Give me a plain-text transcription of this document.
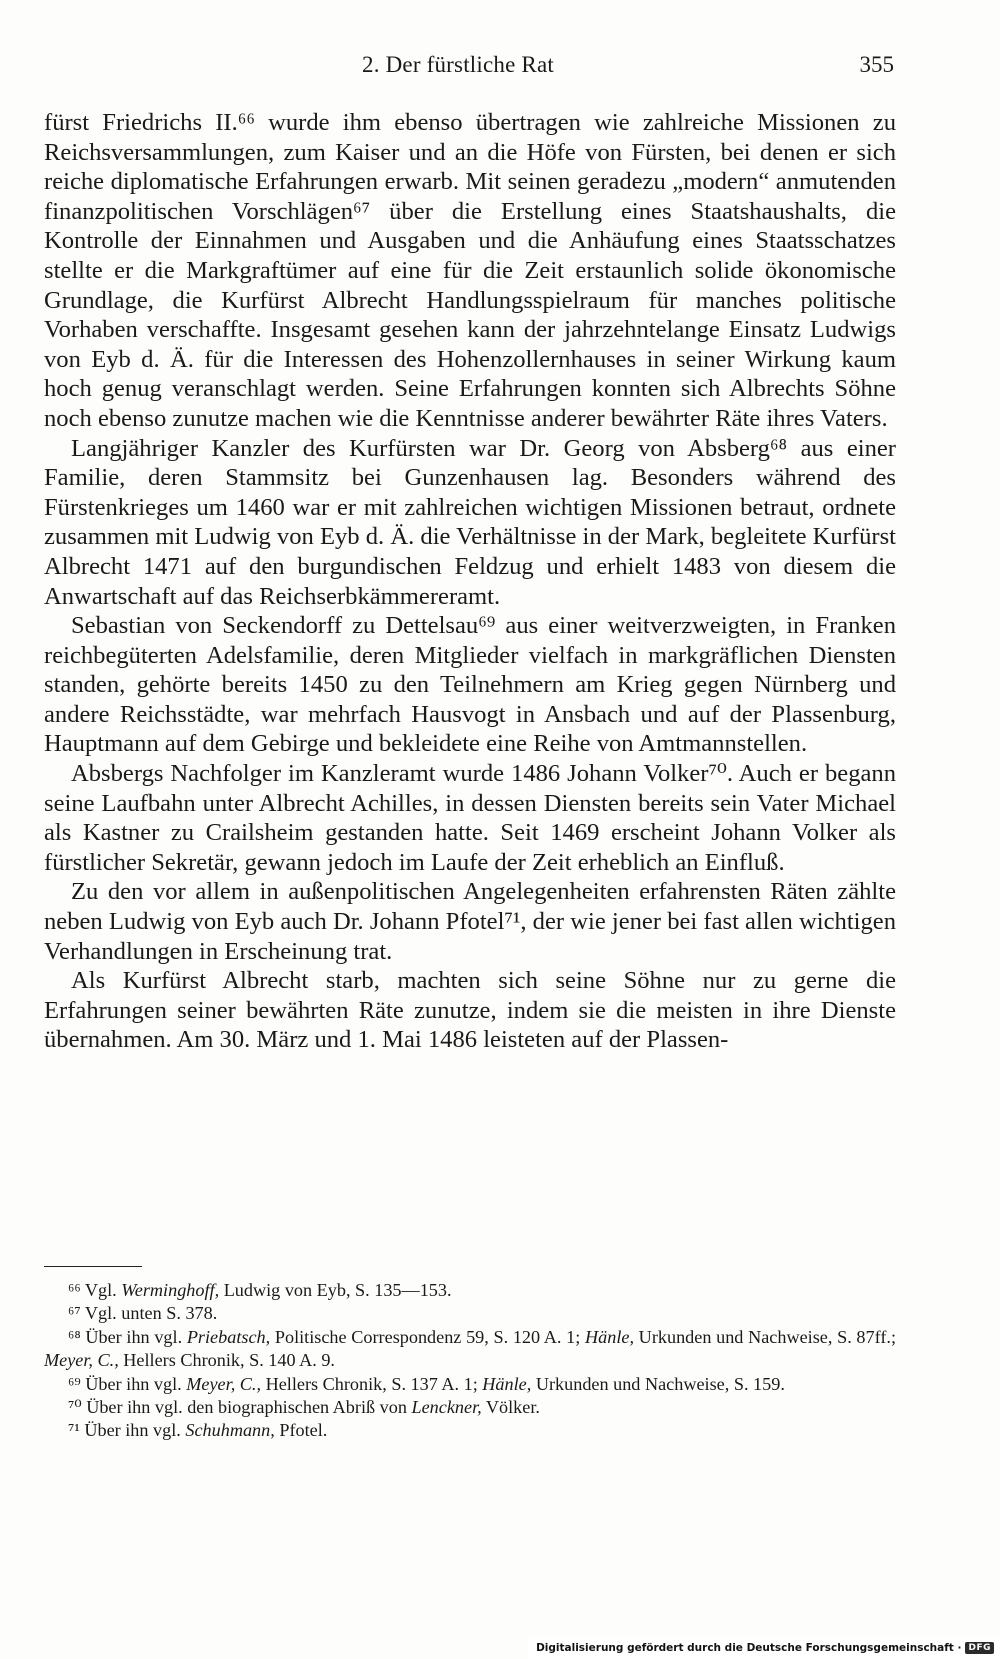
2. Der fürstliche Rat	355

fürst Friedrichs II.⁶⁶ wurde ihm ebenso übertragen wie zahlreiche Missionen zu Reichsversammlungen, zum Kaiser und an die Höfe von Fürsten, bei denen er sich reiche diplomatische Erfahrungen erwarb. Mit seinen geradezu „modern“ anmutenden finanzpolitischen Vorschlägen⁶⁷ über die Erstellung eines Staatshaushalts, die Kontrolle der Einnahmen und Ausgaben und die Anhäufung eines Staatsschatzes stellte er die Markgraftümer auf eine für die Zeit erstaunlich solide ökonomische Grundlage, die Kurfürst Albrecht Handlungsspielraum für manches politische Vorhaben verschaffte. Insgesamt gesehen kann der jahrzehntelange Einsatz Ludwigs von Eyb d. Ä. für die Interessen des Hohenzollernhauses in seiner Wirkung kaum hoch genug veranschlagt werden. Seine Erfahrungen konnten sich Albrechts Söhne noch ebenso zunutze machen wie die Kenntnisse anderer bewährter Räte ihres Vaters.

Langjähriger Kanzler des Kurfürsten war Dr. Georg von Absberg⁶⁸ aus einer Familie, deren Stammsitz bei Gunzenhausen lag. Besonders während des Fürstenkrieges um 1460 war er mit zahlreichen wichtigen Missionen betraut, ordnete zusammen mit Ludwig von Eyb d. Ä. die Verhältnisse in der Mark, begleitete Kurfürst Albrecht 1471 auf den burgundischen Feldzug und erhielt 1483 von diesem die Anwartschaft auf das Reichserbkämmereramt.

Sebastian von Seckendorff zu Dettelsau⁶⁹ aus einer weitverzweigten, in Franken reichbegüterten Adelsfamilie, deren Mitglieder vielfach in markgräflichen Diensten standen, gehörte bereits 1450 zu den Teilnehmern am Krieg gegen Nürnberg und andere Reichsstädte, war mehrfach Hausvogt in Ansbach und auf der Plassenburg, Hauptmann auf dem Gebirge und bekleidete eine Reihe von Amtmannstellen.

Absbergs Nachfolger im Kanzleramt wurde 1486 Johann Volker⁷⁰. Auch er begann seine Laufbahn unter Albrecht Achilles, in dessen Diensten bereits sein Vater Michael als Kastner zu Crailsheim gestanden hatte. Seit 1469 erscheint Johann Volker als fürstlicher Sekretär, gewann jedoch im Laufe der Zeit erheblich an Einfluß.

Zu den vor allem in außenpolitischen Angelegenheiten erfahrensten Räten zählte neben Ludwig von Eyb auch Dr. Johann Pfotel⁷¹, der wie jener bei fast allen wichtigen Verhandlungen in Erscheinung trat.

Als Kurfürst Albrecht starb, machten sich seine Söhne nur zu gerne die Erfahrungen seiner bewährten Räte zunutze, indem sie die meisten in ihre Dienste übernahmen. Am 30. März und 1. Mai 1486 leisteten auf der Plassen-

⁶⁶ Vgl. Werminghoff, Ludwig von Eyb, S. 135—153.

⁶⁷ Vgl. unten S. 378.

⁶⁸ Über ihn vgl. Priebatsch, Politische Correspondenz 59, S. 120 A. 1; Hänle, Urkunden und Nachweise, S. 87ff.; Meyer, C., Hellers Chronik, S. 140 A. 9.

⁶⁹ Über ihn vgl. Meyer, C., Hellers Chronik, S. 137 A. 1; Hänle, Urkunden und Nachweise, S. 159.

⁷⁰ Über ihn vgl. den biographischen Abriß von Lenckner, Völker.

⁷¹ Über ihn vgl. Schuhmann, Pfotel.

Digitalisierung gefördert durch die Deutsche Forschungsgemeinschaft · DFG
